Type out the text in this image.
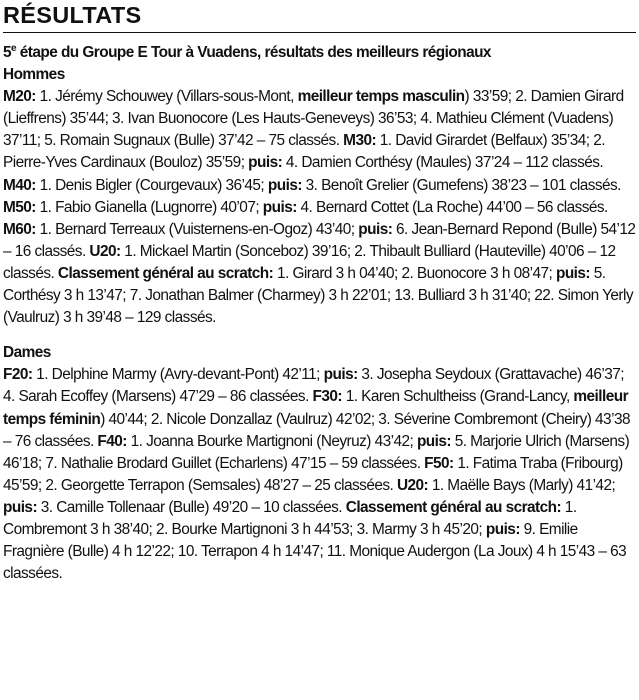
RÉSULTATS

5e étape du Groupe E Tour à Vuadens, résultats des meilleurs régionaux

Hommes

M20: 1. Jérémy Schouwey (Villars-sous-Mont, meilleur temps masculin) 33’59; 2. Damien Girard (Lieffrens) 35’44; 3. Ivan Buonocore (Les Hauts-Geneveys) 36’53; 4. Mathieu Clément (Vuadens) 37’11; 5. Romain Sugnaux (Bulle) 37’42 – 75 classés. M30: 1. David Girardet (Belfaux) 35’34; 2. Pierre-Yves Cardinaux (Bouloz) 35’59; puis: 4. Damien Corthésy (Maules) 37’24 – 112 classés. M40: 1. Denis Bigler (Courgevaux) 36’45; puis: 3. Benoît Grelier (Gumefens) 38’23 – 101 classés. M50: 1. Fabio Gianella (Lugnorre) 40’07; puis: 4. Bernard Cottet (La Roche) 44’00 – 56 classés. M60: 1. Bernard Terreaux (Vuisternens-en-Ogoz) 43’40; puis: 6. Jean-Bernard Repond (Bulle) 54’12 – 16 classés. U20: 1. Mickael Martin (Sonceboz) 39’16; 2. Thibault Bulliard (Hauteville) 40’06 – 12 classés. Classement général au scratch: 1. Girard 3 h 04’40; 2. Buonocore 3 h 08’47; puis: 5. Corthésy 3 h 13’47; 7. Jonathan Balmer (Charmey) 3 h 22’01; 13. Bulliard 3 h 31’40; 22. Simon Yerly (Vaulruz) 3 h 39’48 – 129 classés.

Dames

F20: 1. Delphine Marmy (Avry-devant-Pont) 42’11; puis: 3. Josepha Seydoux (Grattavache) 46’37; 4. Sarah Ecoffey (Marsens) 47’29 – 86 classées. F30: 1. Karen Schultheiss (Grand-Lancy, meilleur temps féminin) 40’44; 2. Nicole Donzallaz (Vaulruz) 42’02; 3. Séverine Combremont (Cheiry) 43’38 – 76 classées. F40: 1. Joanna Bourke Martignoni (Neyruz) 43’42; puis: 5. Marjorie Ulrich (Marsens) 46’18; 7. Nathalie Brodard Guillet (Echarlens) 47’15 – 59 classées. F50: 1. Fatima Traba (Fribourg) 45’59; 2. Georgette Terrapon (Semsales) 48’27 – 25 classées. U20: 1. Maëlle Bays (Marly) 41’42; puis: 3. Camille Tollenaar (Bulle) 49’20 – 10 classées. Classement général au scratch: 1. Combremont 3 h 38’40; 2. Bourke Martignoni 3 h 44’53; 3. Marmy 3 h 45’20; puis: 9. Emilie Fragnière (Bulle) 4 h 12’22; 10. Terrapon 4 h 14’47; 11. Monique Audergon (La Joux) 4 h 15’43 – 63 classées.
